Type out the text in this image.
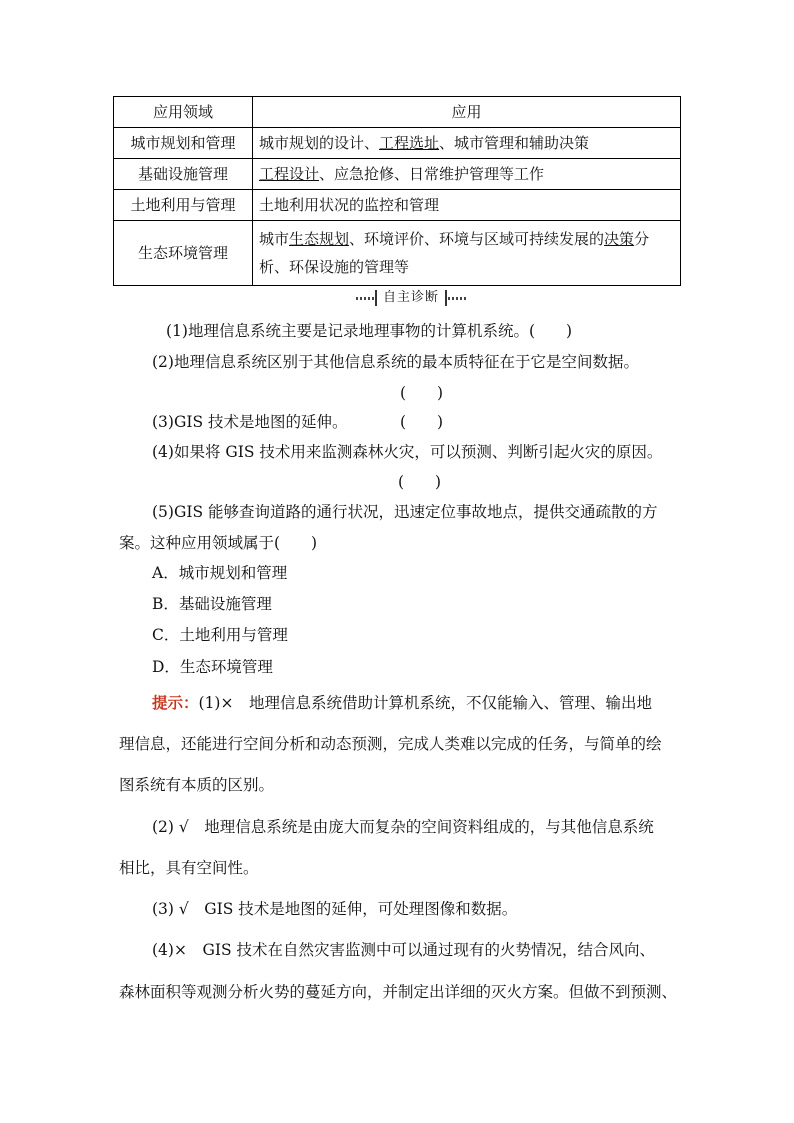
应用领域	应用
城市规划和管理	城市规划的设计、工程选址、城市管理和辅助决策
基础设施管理	工程设计、应急抢修、日常维护管理等工作
土地利用与管理	土地利用状况的监控和管理
生态环境管理	城市生态规划、环境评价、环境与区域可持续发展的决策分析、环保设施的管理等
自主诊断
(1)地理信息系统主要是记录地理事物的计算机系统。(　　)
(2)地理信息系统区别于其他信息系统的最本质特征在于它是空间数据。
(　　)
(3)GIS 技术是地图的延伸。	(　　)
(4)如果将 GIS 技术用来监测森林火灾，可以预测、判断引起火灾的原因。
(　　)
(5)GIS 能够查询道路的通行状况，迅速定位事故地点，提供交通疏散的方
案。这种应用领域属于(　　)
A．城市规划和管理
B．基础设施管理
C．土地利用与管理
D．生态环境管理
提示：(1)×　地理信息系统借助计算机系统，不仅能输入、管理、输出地
理信息，还能进行空间分析和动态预测，完成人类难以完成的任务，与简单的绘
图系统有本质的区别。
(2) √　地理信息系统是由庞大而复杂的空间资料组成的，与其他信息系统
相比，具有空间性。
(3) √　GIS 技术是地图的延伸，可处理图像和数据。
(4)×　GIS 技术在自然灾害监测中可以通过现有的火势情况，结合风向、
森林面积等观测分析火势的蔓延方向，并制定出详细的灭火方案。但做不到预测、
